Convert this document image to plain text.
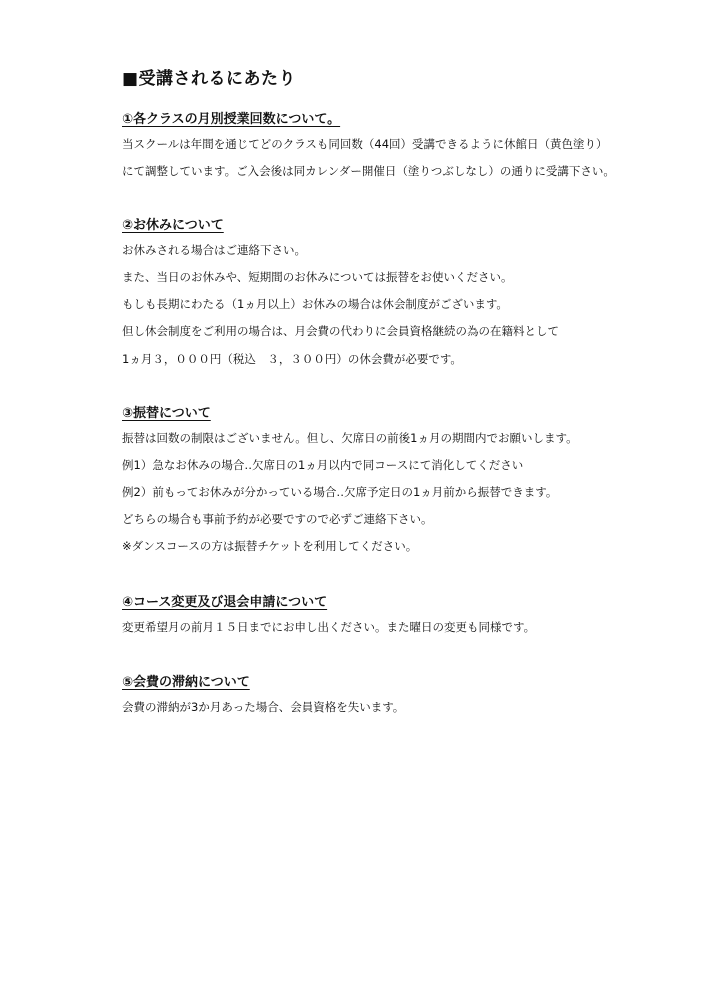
■受講されるにあたり
①各クラスの月別授業回数について。

当スクールは年間を通じてどのクラスも同回数（44回）受講できるように休館日（黄色塗り）

にて調整しています。ご入会後は同カレンダー開催日（塗りつぶしなし）の通りに受講下さい。

②お休みについて

お休みされる場合はご連絡下さい。

また、当日のお休みや、短期間のお休みについては振替をお使いください。

もしも長期にわたる（1ヵ月以上）お休みの場合は休会制度がございます。

但し休会制度をご利用の場合は、月会費の代わりに会員資格継続の為の在籍料として

1ヵ月３，０００円（税込　３，３００円）の休会費が必要です。

③振替について

振替は回数の制限はございません。但し、欠席日の前後1ヵ月の期間内でお願いします。

例1）急なお休みの場合‥欠席日の1ヵ月以内で同コースにて消化してください

例2）前もってお休みが分かっている場合‥欠席予定日の1ヵ月前から振替できます。

どちらの場合も事前予約が必要ですので必ずご連絡下さい。

※ダンスコースの方は振替チケットを利用してください。

④コース変更及び退会申請について

変更希望月の前月１５日までにお申し出ください。また曜日の変更も同様です。

⑤会費の滞納について

会費の滞納が3か月あった場合、会員資格を失います。
